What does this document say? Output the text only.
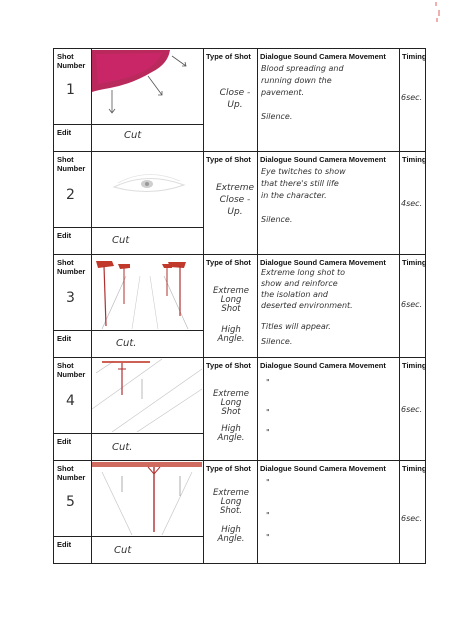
Shot Number
Type of Shot Dialogue Sound Camera Movement Timing
Edit
1
Cut
Close -
Up.
Blood spreading and
running down the
pavement.
Silence.
6sec.
Shot Number
Type of Shot Dialogue Sound Camera Movement Timing
Edit
2
Cut
Extreme
Close -
Up.
Eye twitches to show
that there's still life
in the character.
Silence.
4sec.
Shot Number
Type of Shot Dialogue Sound Camera Movement Timing
Edit
3
Cut.
Extreme
Long
Shot
High
Angle.
Extreme long shot to
show and reinforce
the isolation and
deserted environment.
Titles will appear.
Silence.
6sec.
Shot Number
Type of Shot Dialogue Sound Camera Movement Timing
Edit
4
Cut.
Extreme
Long
Shot
High
Angle.
"
"
"
6sec.
Shot Number
Type of Shot Dialogue Sound Camera Movement Timing
Edit
5
Cut
Extreme
Long
Shot.
High
Angle.
"
"
"
6sec.
